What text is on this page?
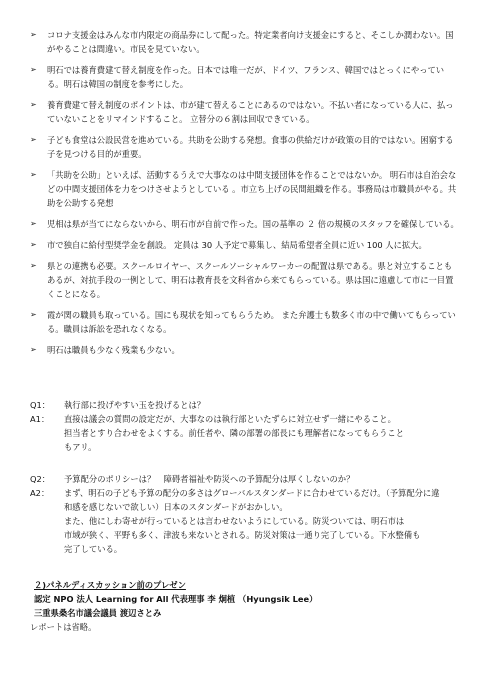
➢ コロナ支援金はみんな市内限定の商品券にして配った。特定業者向け支援金にすると、そこしか潤わない。国がやることは間違い。市民を見ていない。
➢ 明石では養育費建て替え制度を作った。日本では唯一だが、ドイツ、フランス、韓国ではとっくにやっている。明石は韓国の制度を参考にした。
➢ 養育費建て替え制度のポイントは、市が建て替えることにあるのではない。不払い者になっている人に、払っていないことをリマインドすること。 立替分の６割は回収できている。
➢ 子ども食堂は公設民営を進めている。共助を公助する発想。食事の供給だけが政策の目的ではない。困窮する子を見つける目的が重要。
➢ 「共助を公助」といえば、活動するうえで大事なのは中間支援団体を作ることではないか。 明石市は自治会などの中間支援団体を力をつけさせようとしている 。市立ち上げの民間組織を作る。事務局は市職員がやる。共助を公助する発想
➢ 児相は県が当てにならないから、明石市が自前で作った。国の基準の ２ 倍の規模のスタッフを確保している。
➢ 市で独自に給付型奨学金を創設。 定員は 30 人予定で募集し、結局希望者全員に近い 100 人に拡大。
➢ 県との連携も必要。スクールロイヤー、スクールソーシャルワーカーの配置は県である。県と対立することもあるが、対抗手段の一例として、明石は教育長を文科省から来てもらっている。県は国に遠慮して市に一目置くことになる。
➢ 霞が関の職員も取っている。国にも現状を知ってもらうため。 また弁護士も数多く市の中で働いてもらっている。職員は訴訟を恐れなくなる。
➢ 明石は職員も少なく残業も少ない。
Q1：	執行部に投げやすい玉を投げるとは？
A1：	直接は議会の質問の設定だが、大事なのは執行部といたずらに対立せず一緒にやること。
担当者とすり合わせをよくする。前任者や、隣の部署の部長にも理解者になってもらうこと
もアリ。
Q2：	予算配分のポリシーは？　障碍者福祉や防災への予算配分は厚くしないのか？
A2：	まず、明石の子ども予算の配分の多さはグローバルスタンダードに合わせているだけ。（予算配分に違
和感を感じないで欲しい）日本のスタンダードがおかしい。
また、他にしわ寄せが行っているとは言わせないようにしている。防災ついては、明石市は
市域が狭く、平野も多く、津波も来ないとされる。防災対策は一通り完了している。下水整備も
完了している。
２)パネルディスカッション前のプレゼン
認定 NPO 法人 Learning for All 代表理事 李 炯植 （Hyungsik Lee）
三重県桑名市議会議員 渡辺さとみ
レポートは省略。
